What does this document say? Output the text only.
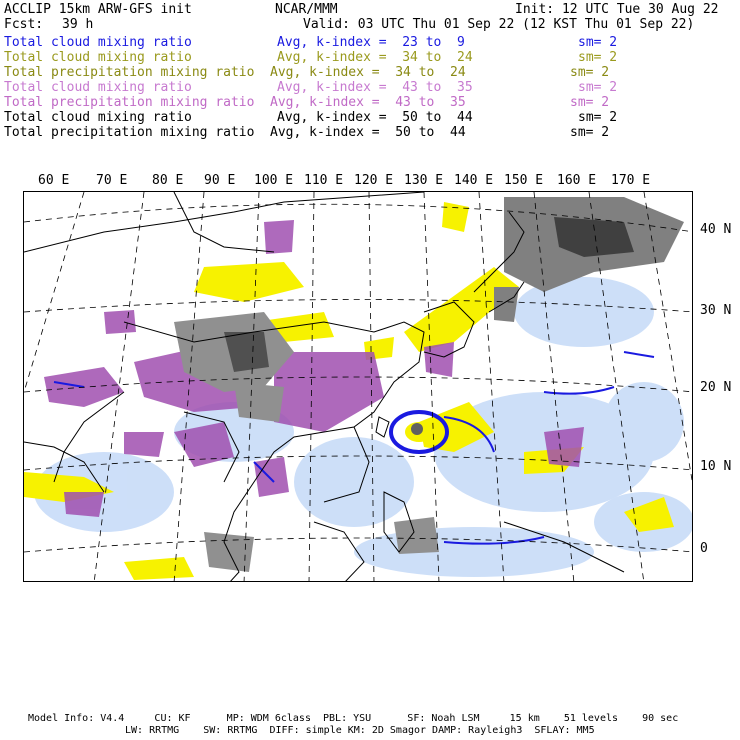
ACCLIP 15km ARW-GFS init	NCAR/MMM	Init: 12 UTC Tue 30 Aug 22
Fcst: 39 h	Valid: 03 UTC Thu 01 Sep 22 (12 KST Thu 01 Sep 22)
Total cloud mixing ratio	Avg, k-index =  23 to  9	sm= 2
Total cloud mixing ratio	Avg, k-index =  34 to  24	sm= 2
Total precipitation mixing ratio Avg, k-index =  34 to  24	sm= 2
Total cloud mixing ratio	Avg, k-index =  43 to  35	sm= 2
Total precipitation mixing ratio Avg, k-index =  43 to  35	sm= 2
Total cloud mixing ratio	Avg, k-index =  50 to  44	sm= 2
Total precipitation mixing ratio Avg, k-index =  50 to  44	sm= 2
60 E 70 E 80 E 90 E 100 E 110 E 120 E 130 E 140 E 150 E 160 E 170 E
40 N
30 N
20 N
10 N
0
Model Info: V4.4     CU: KF      MP: WDM 6class  PBL: YSU      SF: Noah LSM     15 km    51 levels    90 sec
LW: RRTMG    SW: RRTMG  DIFF: simple KM: 2D Smagor DAMP: Rayleigh3  SFLAY: MM5
